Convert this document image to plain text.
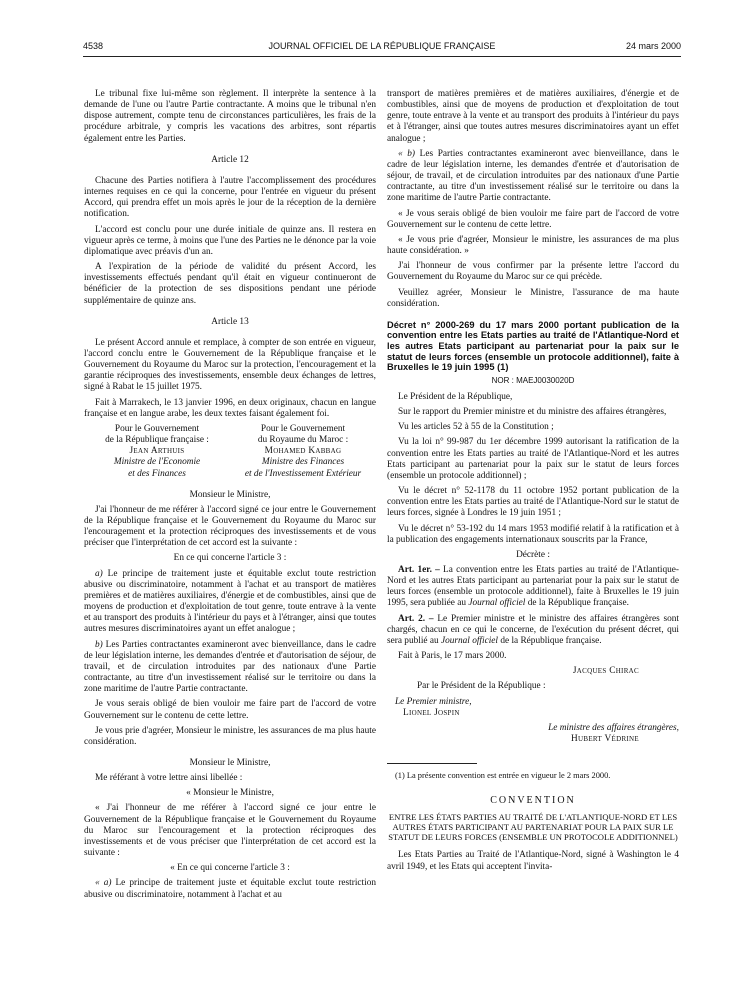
4538	JOURNAL OFFICIEL DE LA RÉPUBLIQUE FRANÇAISE	24 mars 2000

Le tribunal fixe lui-même son règlement. Il interprète la sentence à la demande de l'une ou l'autre Partie contractante. A moins que le tribunal n'en dispose autrement, compte tenu de circonstances particulières, les frais de la procédure arbitrale, y compris les vacations des arbitres, sont répartis également entre les Parties.

Article 12

Chacune des Parties notifiera à l'autre l'accomplissement des procédures internes requises en ce qui la concerne, pour l'entrée en vigueur du présent Accord, qui prendra effet un mois après le jour de la réception de la dernière notification.

L'accord est conclu pour une durée initiale de quinze ans. Il restera en vigueur après ce terme, à moins que l'une des Parties ne le dénonce par la voie diplomatique avec préavis d'un an.

A l'expiration de la période de validité du présent Accord, les investissements effectués pendant qu'il était en vigueur continueront de bénéficier de la protection de ses dispositions pendant une période supplémentaire de quinze ans.

Article 13

Le présent Accord annule et remplace, à compter de son entrée en vigueur, l'accord conclu entre le Gouvernement de la République française et le Gouvernement du Royaume du Maroc sur la protection, l'encouragement et la garantie réciproques des investissements, ensemble deux échanges de lettres, signé à Rabat le 15 juillet 1975.

Fait à Marrakech, le 13 janvier 1996, en deux originaux, chacun en langue française et en langue arabe, les deux textes faisant également foi.

Pour le Gouvernement
de la République française :
Jean Arthuis
Ministre de l'Economie
et des Finances
Pour le Gouvernement
du Royaume du Maroc :
Mohamed Kabbag
Ministre des Finances
et de l'Investissement Extérieur

Monsieur le Ministre,

J'ai l'honneur de me référer à l'accord signé ce jour entre le Gouvernement de la République française et le Gouvernement du Royaume du Maroc sur l'encouragement et la protection réciproques des investissements et de vous préciser que l'interprétation de cet accord est la suivante :

En ce qui concerne l'article 3 :

a) Le principe de traitement juste et équitable exclut toute restriction abusive ou discriminatoire, notamment à l'achat et au transport de matières premières et de matières auxiliaires, d'énergie et de combustibles, ainsi que de moyens de production et d'exploitation de tout genre, toute entrave à la vente et au transport des produits à l'intérieur du pays et à l'étranger, ainsi que toutes autres mesures discriminatoires ayant un effet analogue ;

b) Les Parties contractantes examineront avec bienveillance, dans le cadre de leur législation interne, les demandes d'entrée et d'autorisation de séjour, de travail, et de circulation introduites par des nationaux d'une Partie contractante, au titre d'un investissement réalisé sur le territoire ou dans la zone maritime de l'autre Partie contractante.

Je vous serais obligé de bien vouloir me faire part de l'accord de votre Gouvernement sur le contenu de cette lettre.

Je vous prie d'agréer, Monsieur le ministre, les assurances de ma plus haute considération.

Monsieur le Ministre,

Me référant à votre lettre ainsi libellée :

« Monsieur le Ministre,

« J'ai l'honneur de me référer à l'accord signé ce jour entre le Gouvernement de la République française et le Gouvernement du Royaume du Maroc sur l'encouragement et la protection réciproques des investissements et de vous préciser que l'interprétation de cet accord est la suivante :

« En ce qui concerne l'article 3 :

« a) Le principe de traitement juste et équitable exclut toute restriction abusive ou discriminatoire, notamment à l'achat et au

transport de matières premières et de matières auxiliaires, d'énergie et de combustibles, ainsi que de moyens de production et d'exploitation de tout genre, toute entrave à la vente et au transport des produits à l'intérieur du pays et à l'étranger, ainsi que toutes autres mesures discriminatoires ayant un effet analogue ;

« b) Les Parties contractantes examineront avec bienveillance, dans le cadre de leur législation interne, les demandes d'entrée et d'autorisation de séjour, de travail, et de circulation introduites par des nationaux d'une Partie contractante, au titre d'un investissement réalisé sur le territoire ou dans la zone maritime de l'autre Partie contractante.

« Je vous serais obligé de bien vouloir me faire part de l'accord de votre Gouvernement sur le contenu de cette lettre.

« Je vous prie d'agréer, Monsieur le ministre, les assurances de ma plus haute considération. »

J'ai l'honneur de vous confirmer par la présente lettre l'accord du Gouvernement du Royaume du Maroc sur ce qui précède.

Veuillez agréer, Monsieur le Ministre, l'assurance de ma haute considération.

Décret n° 2000-269 du 17 mars 2000 portant publication de la convention entre les Etats parties au traité de l'Atlantique-Nord et les autres Etats participant au partenariat pour la paix sur le statut de leurs forces (ensemble un protocole additionnel), faite à Bruxelles le 19 juin 1995 (1)
NOR : MAEJ0030020D

Le Président de la République,

Sur le rapport du Premier ministre et du ministre des affaires étrangères,

Vu les articles 52 à 55 de la Constitution ;

Vu la loi n° 99-987 du 1er décembre 1999 autorisant la ratification de la convention entre les Etats parties au traité de l'Atlantique-Nord et les autres Etats participant au partenariat pour la paix sur le statut de leurs forces (ensemble un protocole additionnel) ;

Vu le décret n° 52-1178 du 11 octobre 1952 portant publication de la convention entre les Etats parties au traité de l'Atlantique-Nord sur le statut de leurs forces, signée à Londres le 19 juin 1951 ;

Vu le décret n° 53-192 du 14 mars 1953 modifié relatif à la ratification et à la publication des engagements internationaux souscrits par la France,

Décrète :

Art. 1er. – La convention entre les Etats parties au traité de l'Atlantique-Nord et les autres Etats participant au partenariat pour la paix sur le statut de leurs forces (ensemble un protocole additionnel), faite à Bruxelles le 19 juin 1995, sera publiée au Journal officiel de la République française.

Art. 2. – Le Premier ministre et le ministre des affaires étrangères sont chargés, chacun en ce qui le concerne, de l'exécution du présent décret, qui sera publié au Journal officiel de la République française.

Fait à Paris, le 17 mars 2000.

Jacques Chirac

Par le Président de la République :

Le Premier ministre,

Lionel Jospin

Le ministre des affaires étrangères,

Hubert Védrine

(1) La présente convention est entrée en vigueur le 2 mars 2000.

CONVENTION
ENTRE LES ÉTATS PARTIES AU TRAITÉ DE L'ATLANTIQUE-NORD ET LES AUTRES ÉTATS PARTICIPANT AU PARTENARIAT POUR LA PAIX SUR LE STATUT DE LEURS FORCES (ENSEMBLE UN PROTOCOLE ADDITIONNEL)

Les Etats Parties au Traité de l'Atlantique-Nord, signé à Washington le 4 avril 1949, et les Etats qui acceptent l'invita-
